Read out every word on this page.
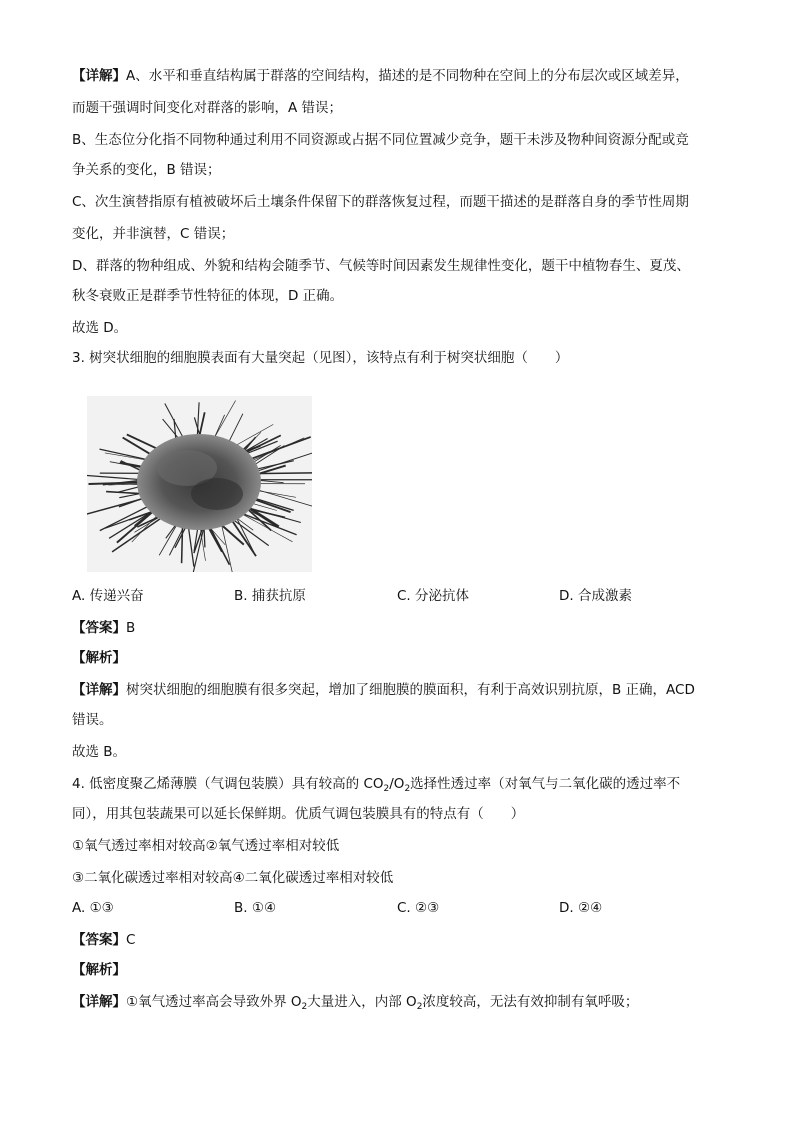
【详解】A、水平和垂直结构属于群落的空间结构，描述的是不同物种在空间上的分布层次或区域差异，
而题干强调时间变化对群落的影响，A 错误；
B、生态位分化指不同物种通过利用不同资源或占据不同位置减少竞争，题干未涉及物种间资源分配或竞
争关系的变化，B 错误；
C、次生演替指原有植被破坏后土壤条件保留下的群落恢复过程，而题干描述的是群落自身的季节性周期
变化，并非演替，C 错误；
D、群落的物种组成、外貌和结构会随季节、气候等时间因素发生规律性变化，题干中植物春生、夏茂、
秋冬衰败正是群季节性特征的体现，D 正确。
故选 D。
3. 树突状细胞的细胞膜表面有大量突起（见图），该特点有利于树突状细胞（　　）
A. 传递兴奋	B. 捕获抗原	C. 分泌抗体	D. 合成激素
【答案】B
【解析】
【详解】树突状细胞的细胞膜有很多突起，增加了细胞膜的膜面积，有利于高效识别抗原，B 正确，ACD
错误。
故选 B。
4. 低密度聚乙烯薄膜（气调包装膜）具有较高的 $CO_2/O_2$选择性透过率（对氧气与二氧化碳的透过率不
同），用其包装蔬果可以延长保鲜期。优质气调包装膜具有的特点有（　　）
①氧气透过率相对较高②氧气透过率相对较低
③二氧化碳透过率相对较高④二氧化碳透过率相对较低
A. ①③	B. ①④	C. ②③	D. ②④
【答案】C
【解析】
【详解】①氧气透过率高会导致外界 $O_2$大量进入，内部 $O_2$浓度较高，无法有效抑制有氧呼吸；
